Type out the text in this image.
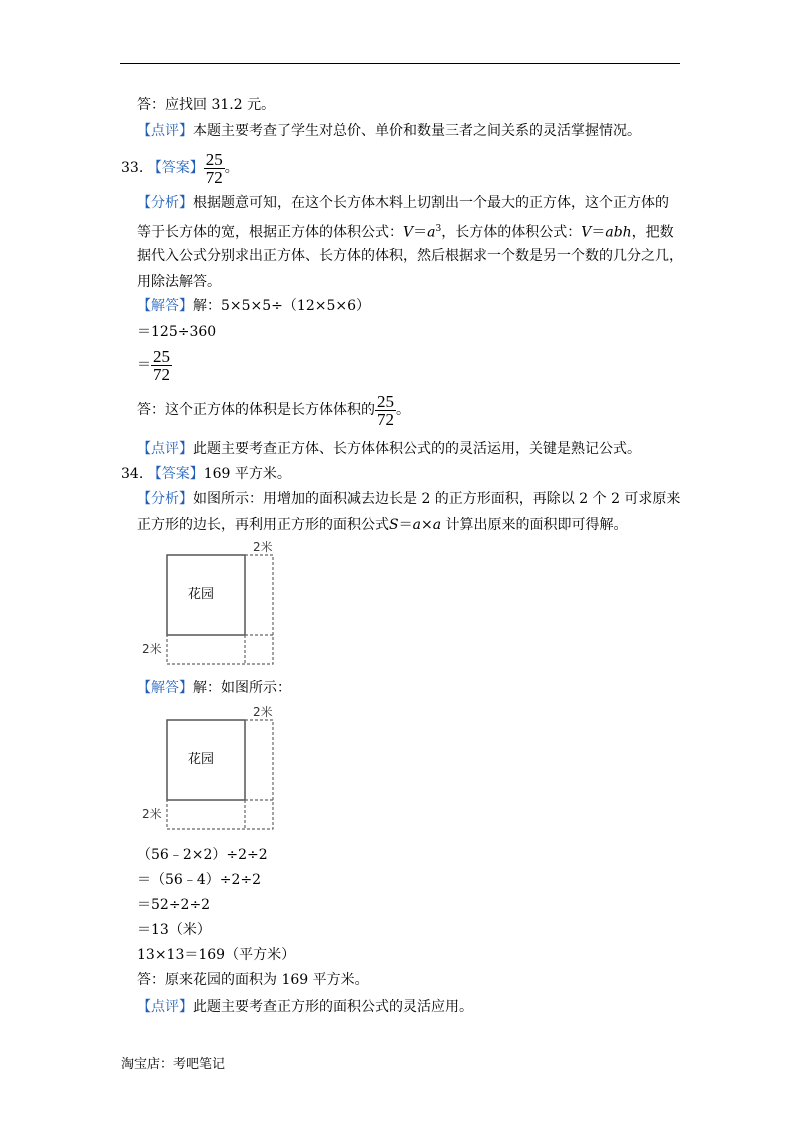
答：应找回 31.2 元。
【点评】本题主要考查了学生对总价、单价和数量三者之间关系的灵活掌握情况。
33. 【答案】 $\frac{25}{72}$ 。
【分析】根据题意可知，在这个长方体木料上切割出一个最大的正方体，这个正方体的
等于长方体的宽，根据正方体的体积公式：$V=a^3$，长方体的体积公式：V＝abh，把数
据代入公式分别求出正方体、长方体的体积，然后根据求一个数是另一个数的几分之几，
用除法解答。
【解答】解：5×5×5÷（12×5×6）
＝125÷360
＝ $\frac{25}{72}$
答：这个正方体的体积是长方体体积的 $\frac{25}{72}$ 。
【点评】此题主要考查正方体、长方体体积公式的的灵活运用，关键是熟记公式。
34. 【答案】169 平方米。
【分析】如图所示：用增加的面积减去边长是 2 的正方形面积，再除以 2 个 2 可求原来
正方形的边长，再利用正方形的面积公式S＝a×a 计算出原来的面积即可得解。
花园
2米
2米
【解答】解：如图所示：
花园
2米
2米
（56﹣2×2）÷2÷2
＝（56﹣4）÷2÷2
＝52÷2÷2
＝13（米）
13×13＝169（平方米）
答：原来花园的面积为 169 平方米。
【点评】此题主要考查正方形的面积公式的灵活应用。
淘宝店：考吧笔记
